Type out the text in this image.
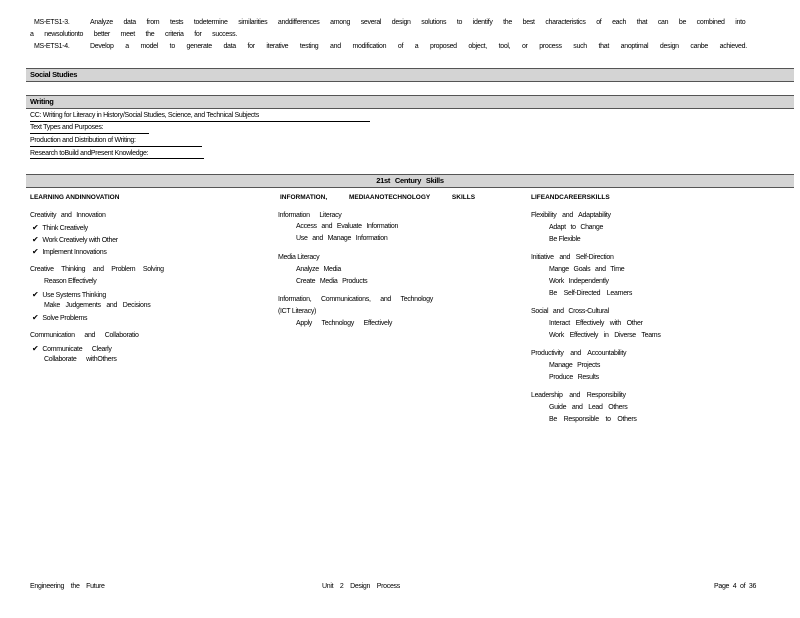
MS-ETS1-3.	Analyze data from tests todetermine similarities anddifferences among several design solutions to identify the best characteristics of each that can be combined into
a newsolutionto better meet the criteria for success.
MS-ETS1-4.	Develop a model to generate data for iterative testing and modification of a proposed object, tool, or process such that anoptimal design canbe achieved.
Social Studies
Writing
CC: Writing for Literacy in History/Social Studies, Science, and Technical Subjects
Text Types and Purposes:
Production and Distribution of Writing:
Research toBuild andPresent Knowledge:
21st Century Skills
LEARNING ANDINNOVATION	INFORMATION, MEDIAANOTECHNOLOGY SKILLS	LIFEANDCAREERSKILLS
Creativity and Innovation
✔ Think Creatively
✔ Work Creatively with Other
✔ Implement Innovations
Creative Thinking and Problem Solving
Reason Effectively
✔ Use Systems Thinking
Make Judgements and Decisions
✔ Solve Problems
Communication and Collaboratio
✔ Communicate Clearly
Collaborate withOthers
Information Literacy
Access and Evaluate Information
Use and Manage Information
Media Literacy
Analyze Media
Create Media Products
Information, Communications, and Technology
(ICT Literacy)
Apply Technology Effectively
Flexibility and Adaptability
Adapt to Change
Be Flexible
Initiative and Self-Direction
Mange Goals and Time
Work Independently
Be Self-Directed Learners
Social and Cross-Cultural
Interact Effectively with Other
Work Effectively in Diverse Teams
Productivity and Accountability
Manage Projects
Produce Results
Leadership and Responsibility
Guide and Lead Others
Be Responsible to Others
Engineering the Future	Unit 2 Design Process	Page 4 of 36
